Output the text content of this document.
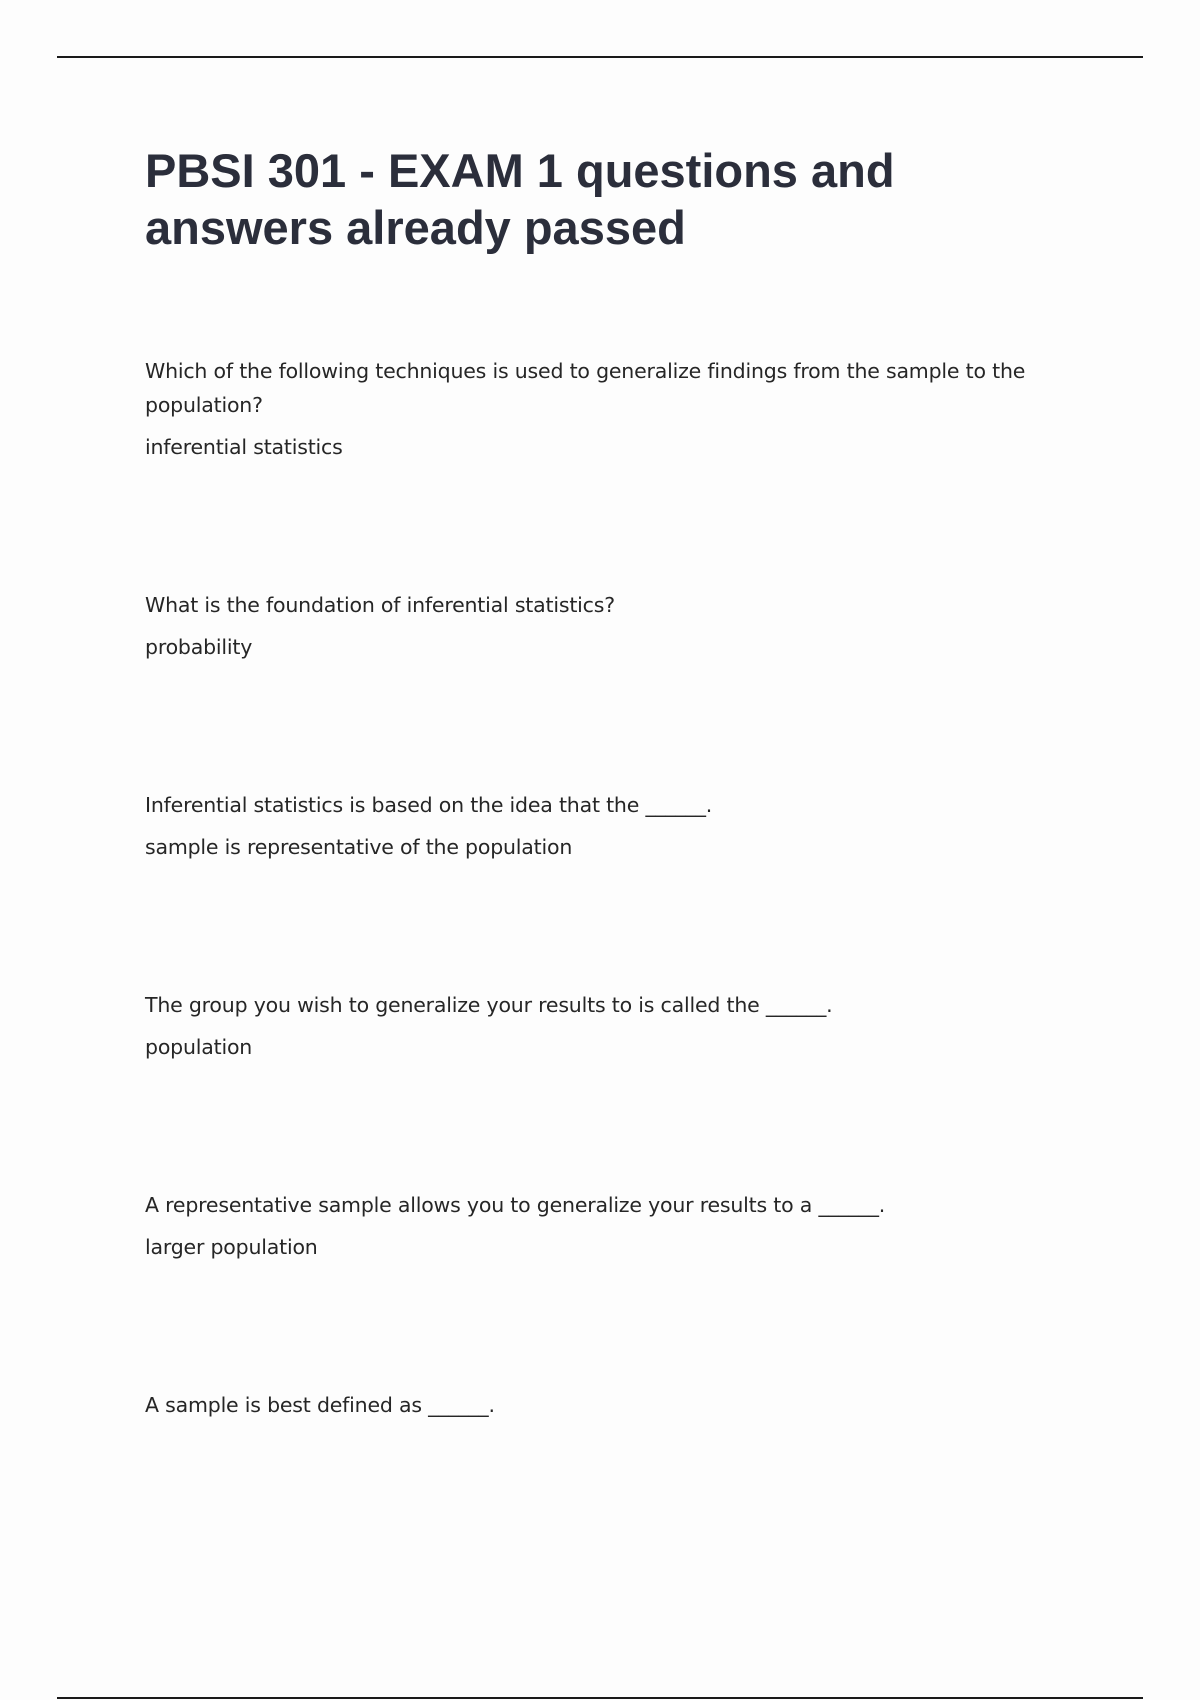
PBSI 301 - EXAM 1 questions and answers already passed
Which of the following techniques is used to generalize findings from the sample to the population?
inferential statistics
What is the foundation of inferential statistics?
probability
Inferential statistics is based on the idea that the ______.
sample is representative of the population
The group you wish to generalize your results to is called the ______.
population
A representative sample allows you to generalize your results to a ______.
larger population
A sample is best defined as ______.
